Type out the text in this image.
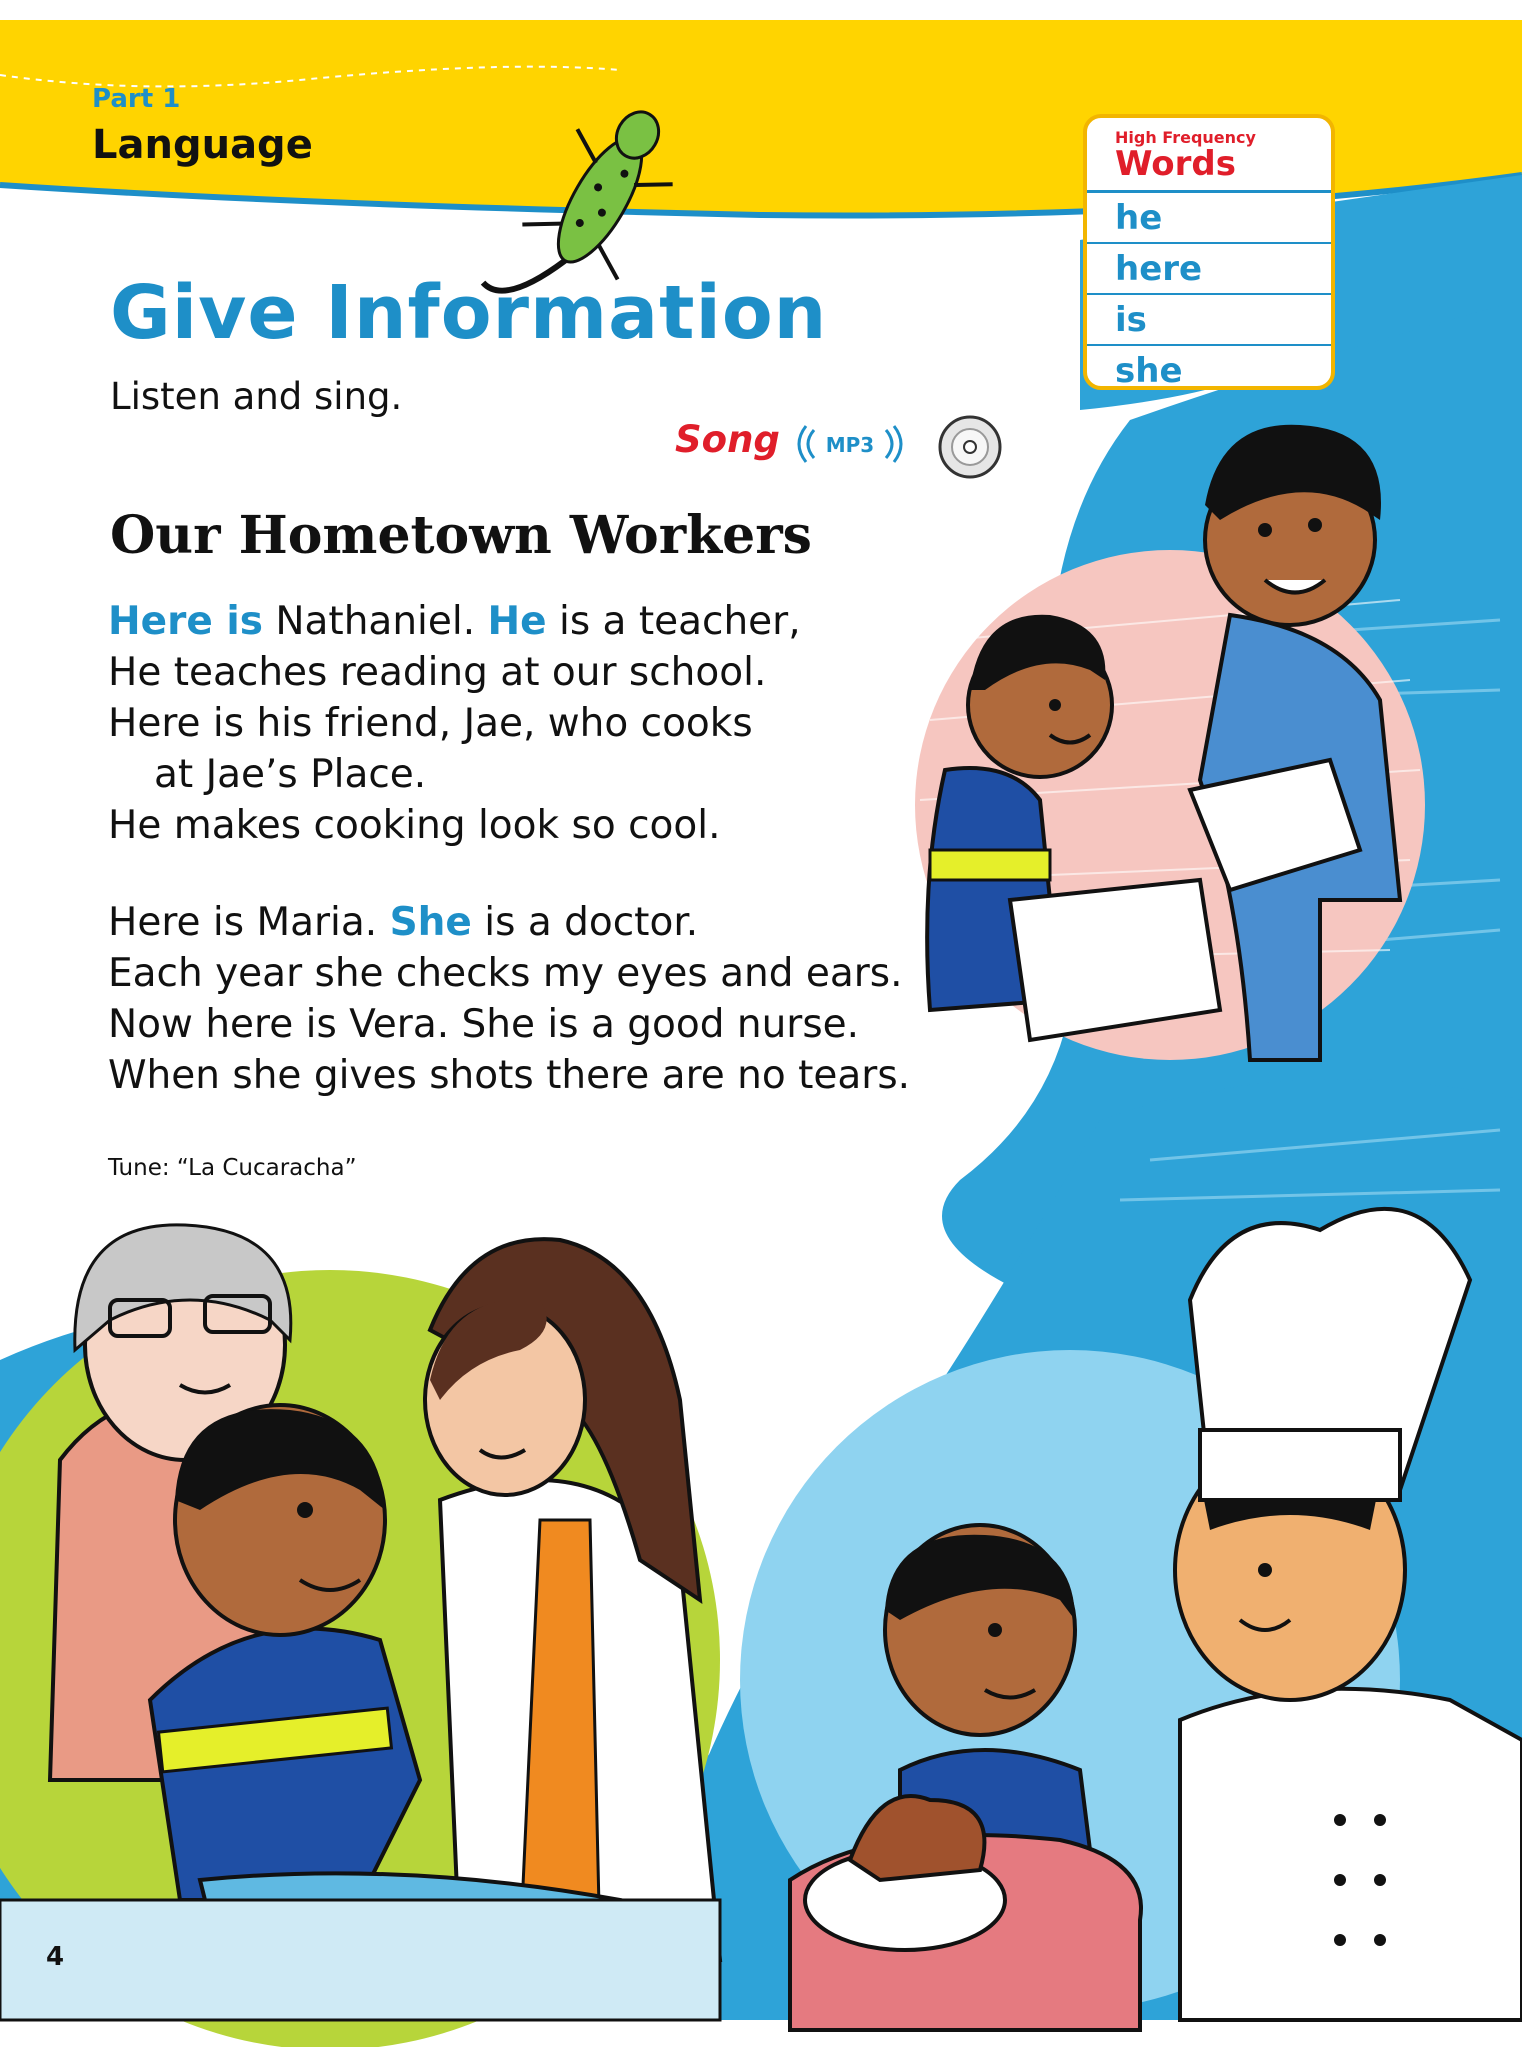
Part 1
Language	High Frequency
Words
he
here
is
she
Give Information
Listen and sing.
Song MP3
Our Hometown Workers
Here is Nathaniel. He is a teacher,
He teaches reading at our school.
Here is his friend, Jae, who cooks
at Jae’s Place.
He makes cooking look so cool.
Here is Maria. She is a doctor.
Each year she checks my eyes and ears.
Now here is Vera. She is a good nurse.
When she gives shots there are no tears.
Tune: “La Cucaracha”
4
